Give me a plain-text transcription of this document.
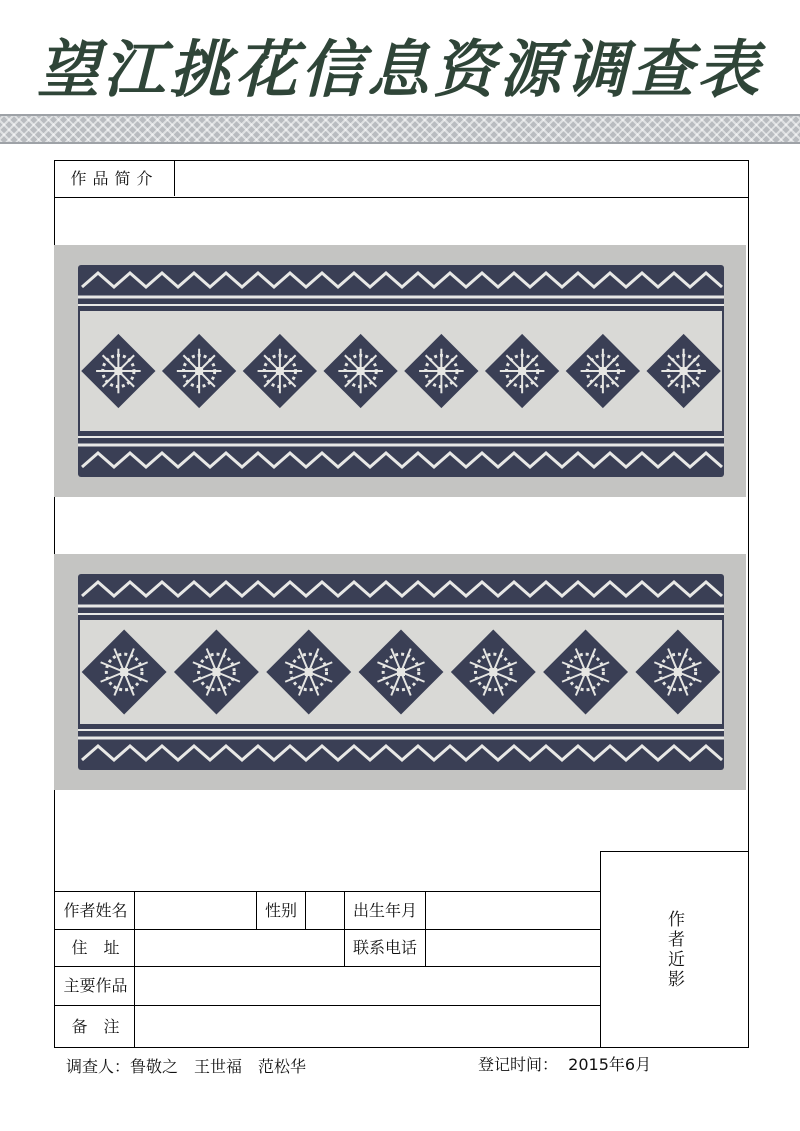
望江挑花信息资源调查表
作品简介
作者姓名	性别	出生年月
住　址	联系电话
主要作品
备　注
作者近影
调查人：鲁敬之　王世福　范松华	登记时间：  2015年6月
